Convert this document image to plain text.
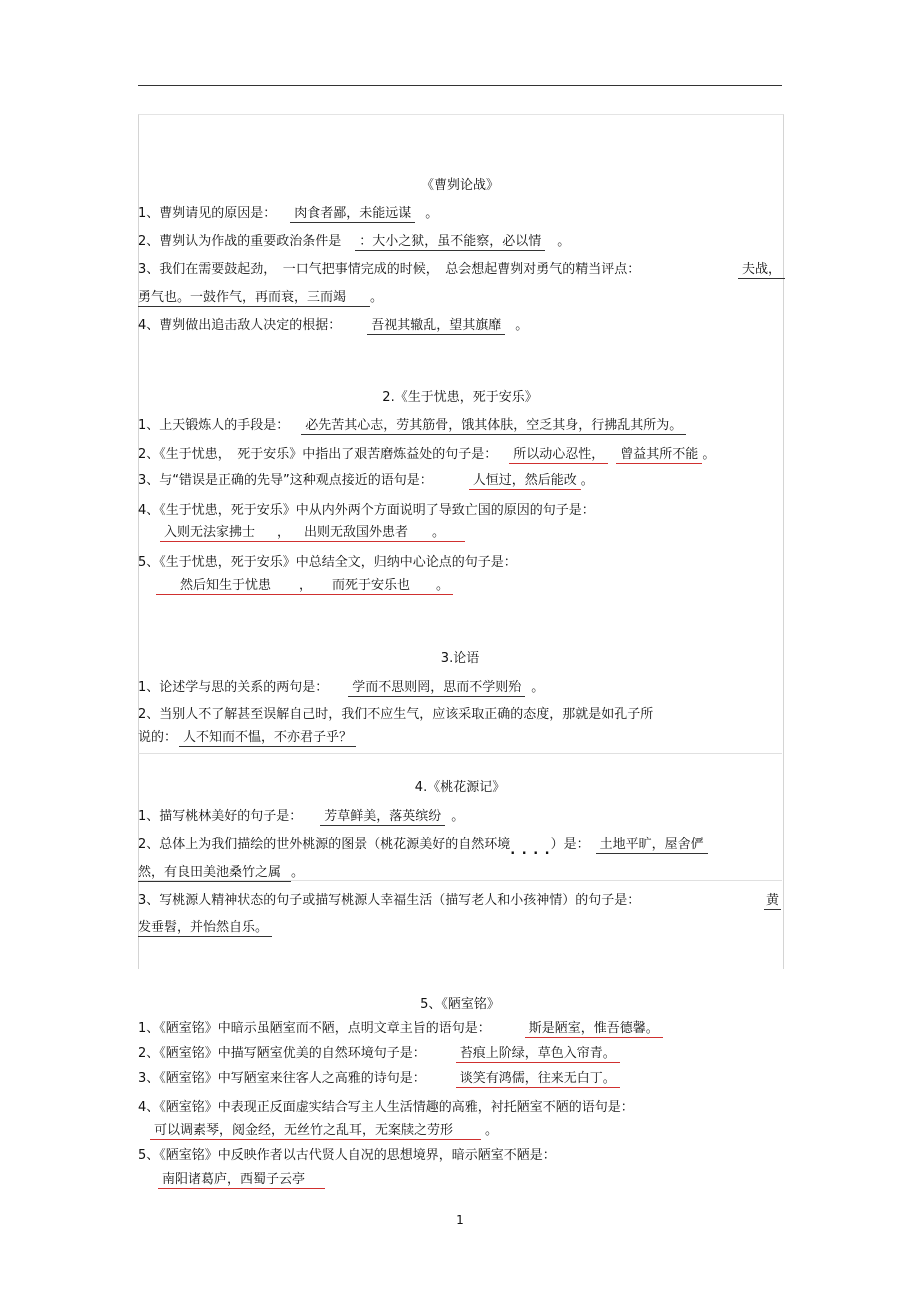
《曹刿论战》
1、曹刿请见的原因是： 肉食者鄙，未能远谋 。
2、曹刿认为作战的重要政治条件是 ：大小之狱，虽不能察，必以情 。
3、我们在需要鼓起劲，　一口气把事情完成的时候，　总会想起曹刿对勇气的精当评点：	夫战，
勇气也。一鼓作气，再而衰，三而竭 。
4、曹刿做出追击敌人决定的根据： 吾视其辙乱，望其旗靡 。
2.《生于忧患，死于安乐》
1、上天锻炼人的手段是： 必先苦其心志，劳其筋骨，饿其体肤，空乏其身，行拂乱其所为。
2、《生于忧患，　死于安乐》中指出了艰苦磨炼益处的句子是： 所以动心忍性， 曾益其所不能 。
3、与“错误是正确的先导”这种观点接近的语句是：	人恒过，然后能改 。
4、《生于忧患，死于安乐》中从内外两个方面说明了导致亡国的原因的句子是：
入则无法家拂士 ， 出则无敌国外患者 。
5、《生于忧患，死于安乐》中总结全文，归纳中心论点的句子是：
然后知生于忧患 ， 而死于安乐也 。
3.论语
1、论述学与思的关系的两句是： 学而不思则罔，思而不学则殆 。
2、当别人不了解甚至误解自己时，我们不应生气，应该采取正确的态度，那就是如孔子所
说的： 人不知而不愠，不亦君子乎？
4.《桃花源记》
1、描写桃林美好的句子是： 芳草鲜美，落英缤纷 。
2、总体上为我们描绘的世外桃源的图景（桃花源美好的自然环境. . . .）是： 土地平旷，屋舍俨
然，有良田美池桑竹之属 。
3、写桃源人精神状态的句子或描写桃源人幸福生活（描写老人和小孩神情）的句子是：	黄
发垂髫，并怡然自乐。
5、《陋室铭》
1、《陋室铭》中暗示虽陋室而不陋，点明文章主旨的语句是：	斯是陋室，惟吾德馨。
2、《陋室铭》中描写陋室优美的自然环境句子是：	苔痕上阶绿，草色入帘青。
3、《陋室铭》中写陋室来往客人之高雅的诗句是：	谈笑有鸿儒，往来无白丁。
4、《陋室铭》中表现正反面虚实结合写主人生活情趣的高雅，衬托陋室不陋的语句是：
可以调素琴，阅金经，无丝竹之乱耳，无案牍之劳形 。
5、《陋室铭》中反映作者以古代贤人自况的思想境界，暗示陋室不陋是：
南阳诸葛庐，西蜀子云亭
1
